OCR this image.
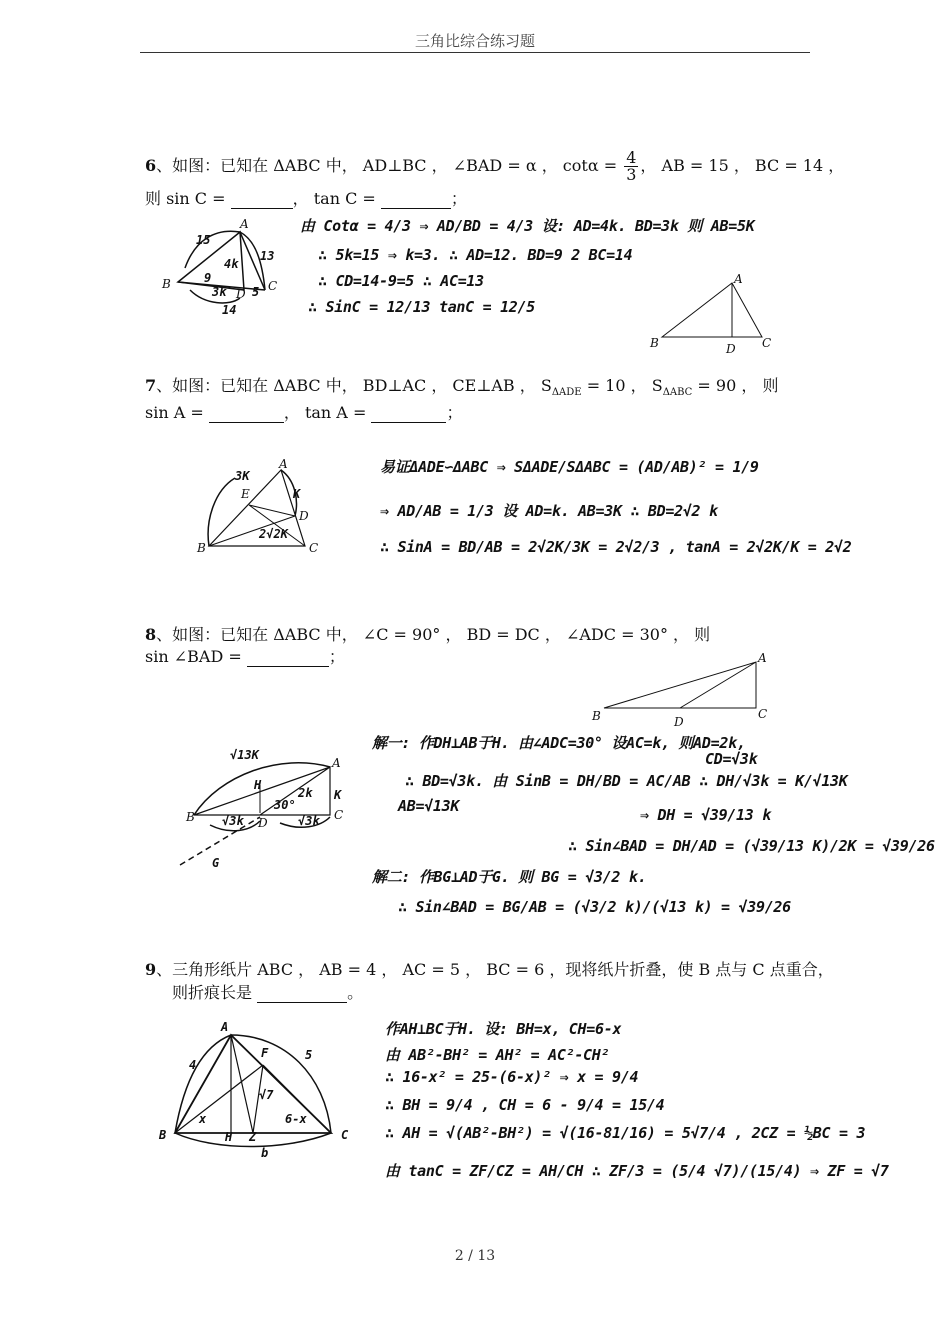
三角比综合练习题
6、如图：已知在 ΔABC 中， AD⊥BC ， ∠BAD = α ， $\cot\alpha = \frac{4}{3}$ ， AB = 15 ， BC = 14 ，
则 sin C =	， tan C =	；
B
A
C
15
4k
13
9
3k D 5
14
由 Cotα = 4/3 ⇒ AD/BD = 4/3 设: AD=4k. BD=3k 则 AB=5K
∴ 5k=15 ⇒ k=3. ∴ AD=12. BD=9 2 BC=14
∴ CD=14-9=5 ∴ AC=13
∴ SinC = 12/13 tanC = 12/5
A
B	C
D
7、如图：已知在 ΔABC 中， BD⊥AC ， CE⊥AB ， $S_{\Delta ADE} = 10$ ， $S_{\Delta ABC} = 90$ ， 则
sin A =	， tan A =	；
B
A
C
D
E
3K
K
2√2K
易证ΔADE∽ΔABC ⇒ SΔADE/SΔABC = (AD/AB)² = 1/9
⇒ AD/AB = 1/3 设 AD=k. AB=3K ∴ BD=2√2 k
∴ SinA = BD/AB = 2√2K/3K = 2√2/3 , tanA = 2√2K/K = 2√2
8、如图：已知在 ΔABC 中， ∠C = 90° ， BD = DC ， ∠ADC = 30° ， 则
sin ∠BAD =	；	A
B	C
D
A
B	C
D
√13K
H
2k K
30°
√3k	√3k
G
解一: 作DH⊥AB于H. 由∠ADC=30° 设AC=k, 则AD=2k,
CD=√3k
∴ BD=√3k. 由 SinB = DH/BD = AC/AB ∴ DH/√3k = K/√13K
AB=√13K	⇒ DH = √39/13 k
∴ Sin∠BAD = DH/AD = (√39/13 K)/2K = √39/26
解二: 作BG⊥AD于G. 则 BG = √3/2 k.
∴ Sin∠BAD = BG/AB = (√3/2 k)/(√13 k) = √39/26
9、三角形纸片 ABC ， AB = 4 ， AC = 5 ， BC = 6 ，现将纸片折叠，使 B 点与 C 点重合，
则折痕长是	。
A
B	C
H
F
Z
4
5
x	6-x
√7
b
作AH⊥BC于H. 设: BH=x, CH=6-x
由 AB²-BH² = AH² = AC²-CH²
∴ 16-x² = 25-(6-x)² ⇒ x = 9/4
∴ BH = 9/4 , CH = 6 - 9/4 = 15/4
∴ AH = √(AB²-BH²) = √(16-81/16) = 5√7/4 , 2CZ = ½BC = 3
由 tanC = ZF/CZ = AH/CH ∴ ZF/3 = (5/4 √7)/(15/4) ⇒ ZF = √7
2 / 13
